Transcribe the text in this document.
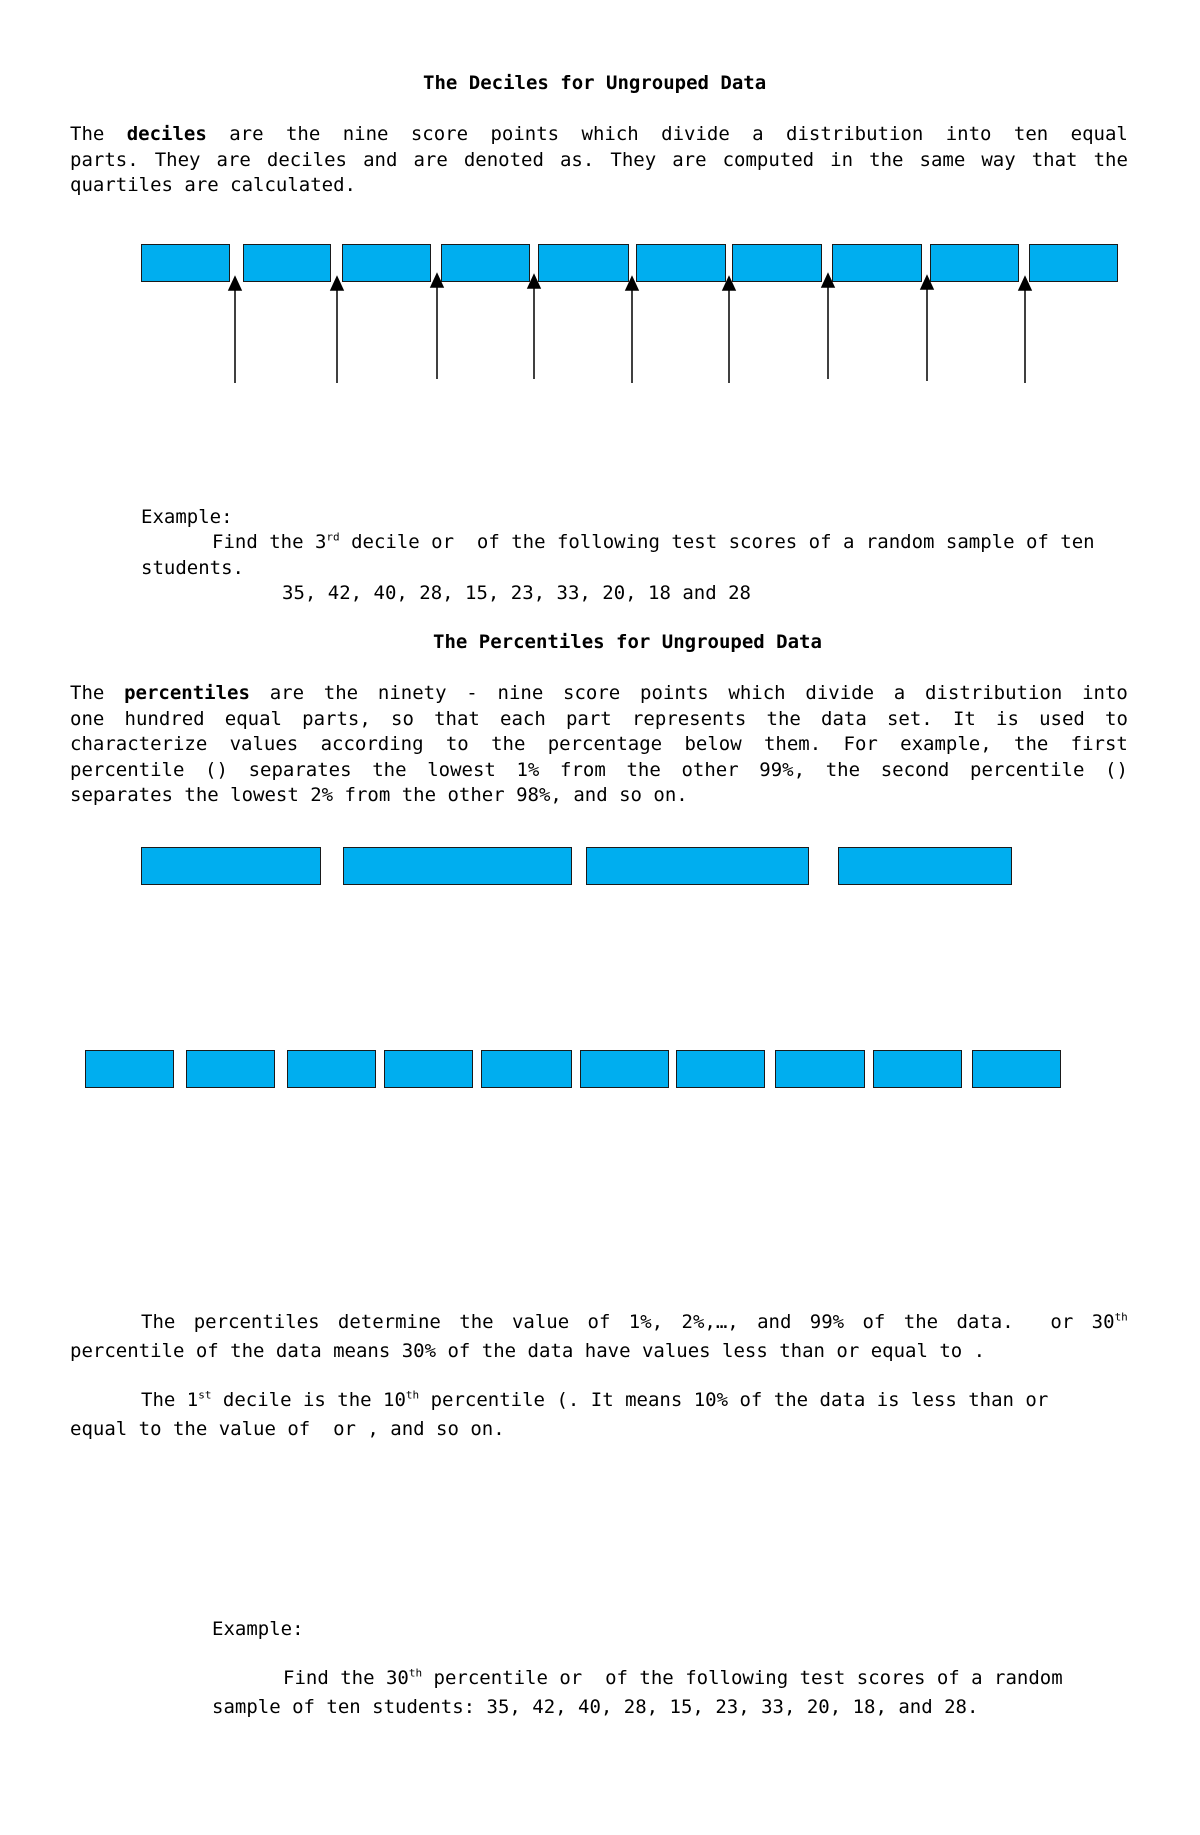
The Deciles for Ungrouped Data
The deciles are the nine score points which divide a distribution into ten equal
parts. They are deciles and are denoted as. They are computed in the same way that the
quartiles are calculated.
Example:
Find the 3rd decile or  of the following test scores of a random sample of ten
students.
35, 42, 40, 28, 15, 23, 33, 20, 18 and 28
The Percentiles for Ungrouped Data
The percentiles are the ninety - nine score points which divide a distribution into
one hundred equal parts, so that each part represents the data set. It is used to
characterize values according to the percentage below them. For example, the first
percentile () separates the lowest 1% from the other 99%, the second percentile ()
separates the lowest 2% from the other 98%, and so on.
The percentiles determine the value of 1%, 2%,…, and 99% of the data. or 30th
percentile of the data means 30% of the data have values less than or equal to .
The 1st decile is the 10th percentile (. It means 10% of the data is less than or
equal to the value of  or , and so on.
Example:
Find the 30th percentile or  of the following test scores of a random
sample of ten students: 35, 42, 40, 28, 15, 23, 33, 20, 18, and 28.
